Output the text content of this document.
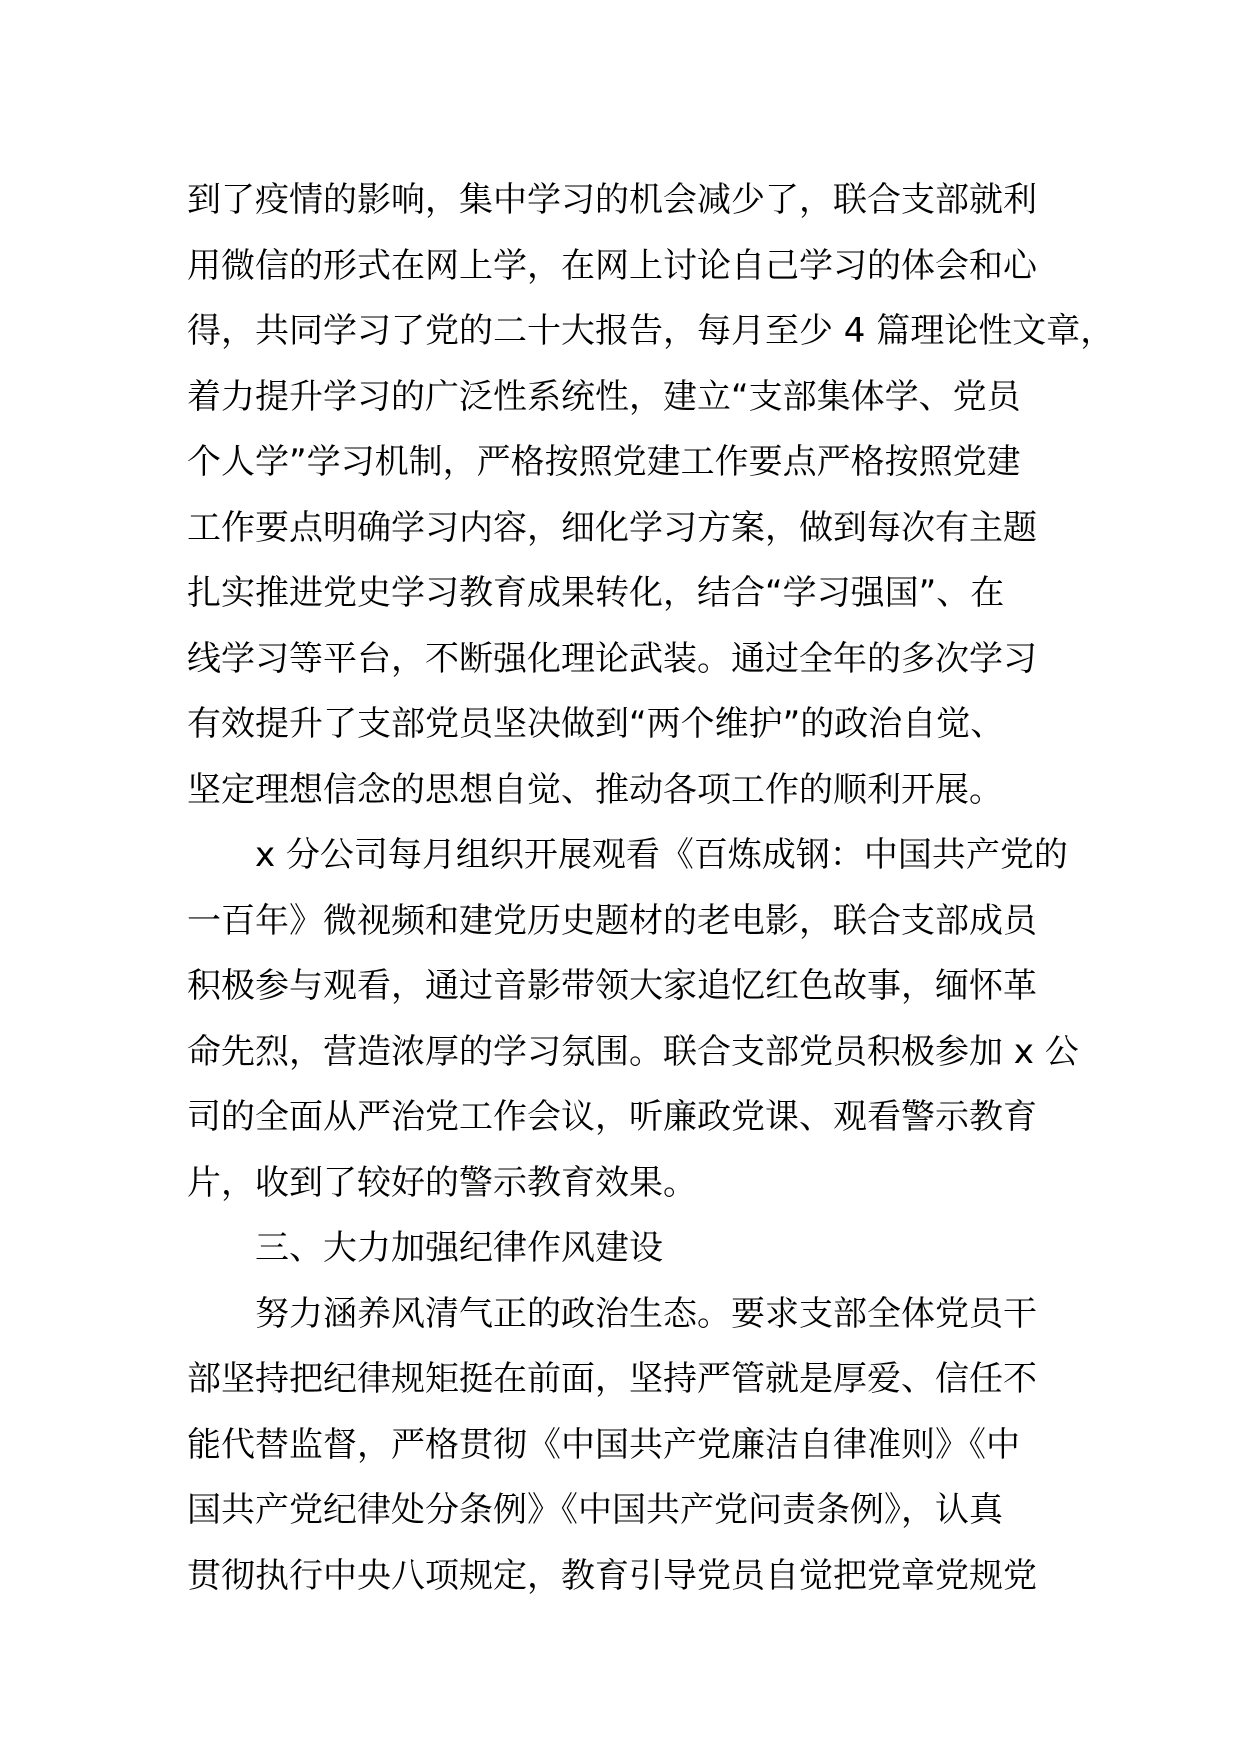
到了疫情的影响，集中学习的机会减少了，联合支部就利
用微信的形式在网上学，在网上讨论自己学习的体会和心
得，共同学习了党的二十大报告，每月至少 4 篇理论性文章，
着力提升学习的广泛性系统性，建立“支部集体学、党员
个人学”学习机制，严格按照党建工作要点严格按照党建
工作要点明确学习内容，细化学习方案，做到每次有主题
扎实推进党史学习教育成果转化，结合“学习强国”、在
线学习等平台，不断强化理论武装。通过全年的多次学习
有效提升了支部党员坚决做到“两个维护”的政治自觉、
坚定理想信念的思想自觉、推动各项工作的顺利开展。
x 分公司每月组织开展观看《百炼成钢：中国共产党的
一百年》微视频和建党历史题材的老电影，联合支部成员
积极参与观看，通过音影带领大家追忆红色故事，缅怀革
命先烈，营造浓厚的学习氛围。联合支部党员积极参加 x 公
司的全面从严治党工作会议，听廉政党课、观看警示教育
片，收到了较好的警示教育效果。
三、大力加强纪律作风建设
努力涵养风清气正的政治生态。要求支部全体党员干
部坚持把纪律规矩挺在前面，坚持严管就是厚爱、信任不
能代替监督，严格贯彻《中国共产党廉洁自律准则》《中
国共产党纪律处分条例》《中国共产党问责条例》，认真
贯彻执行中央八项规定，教育引导党员自觉把党章党规党
